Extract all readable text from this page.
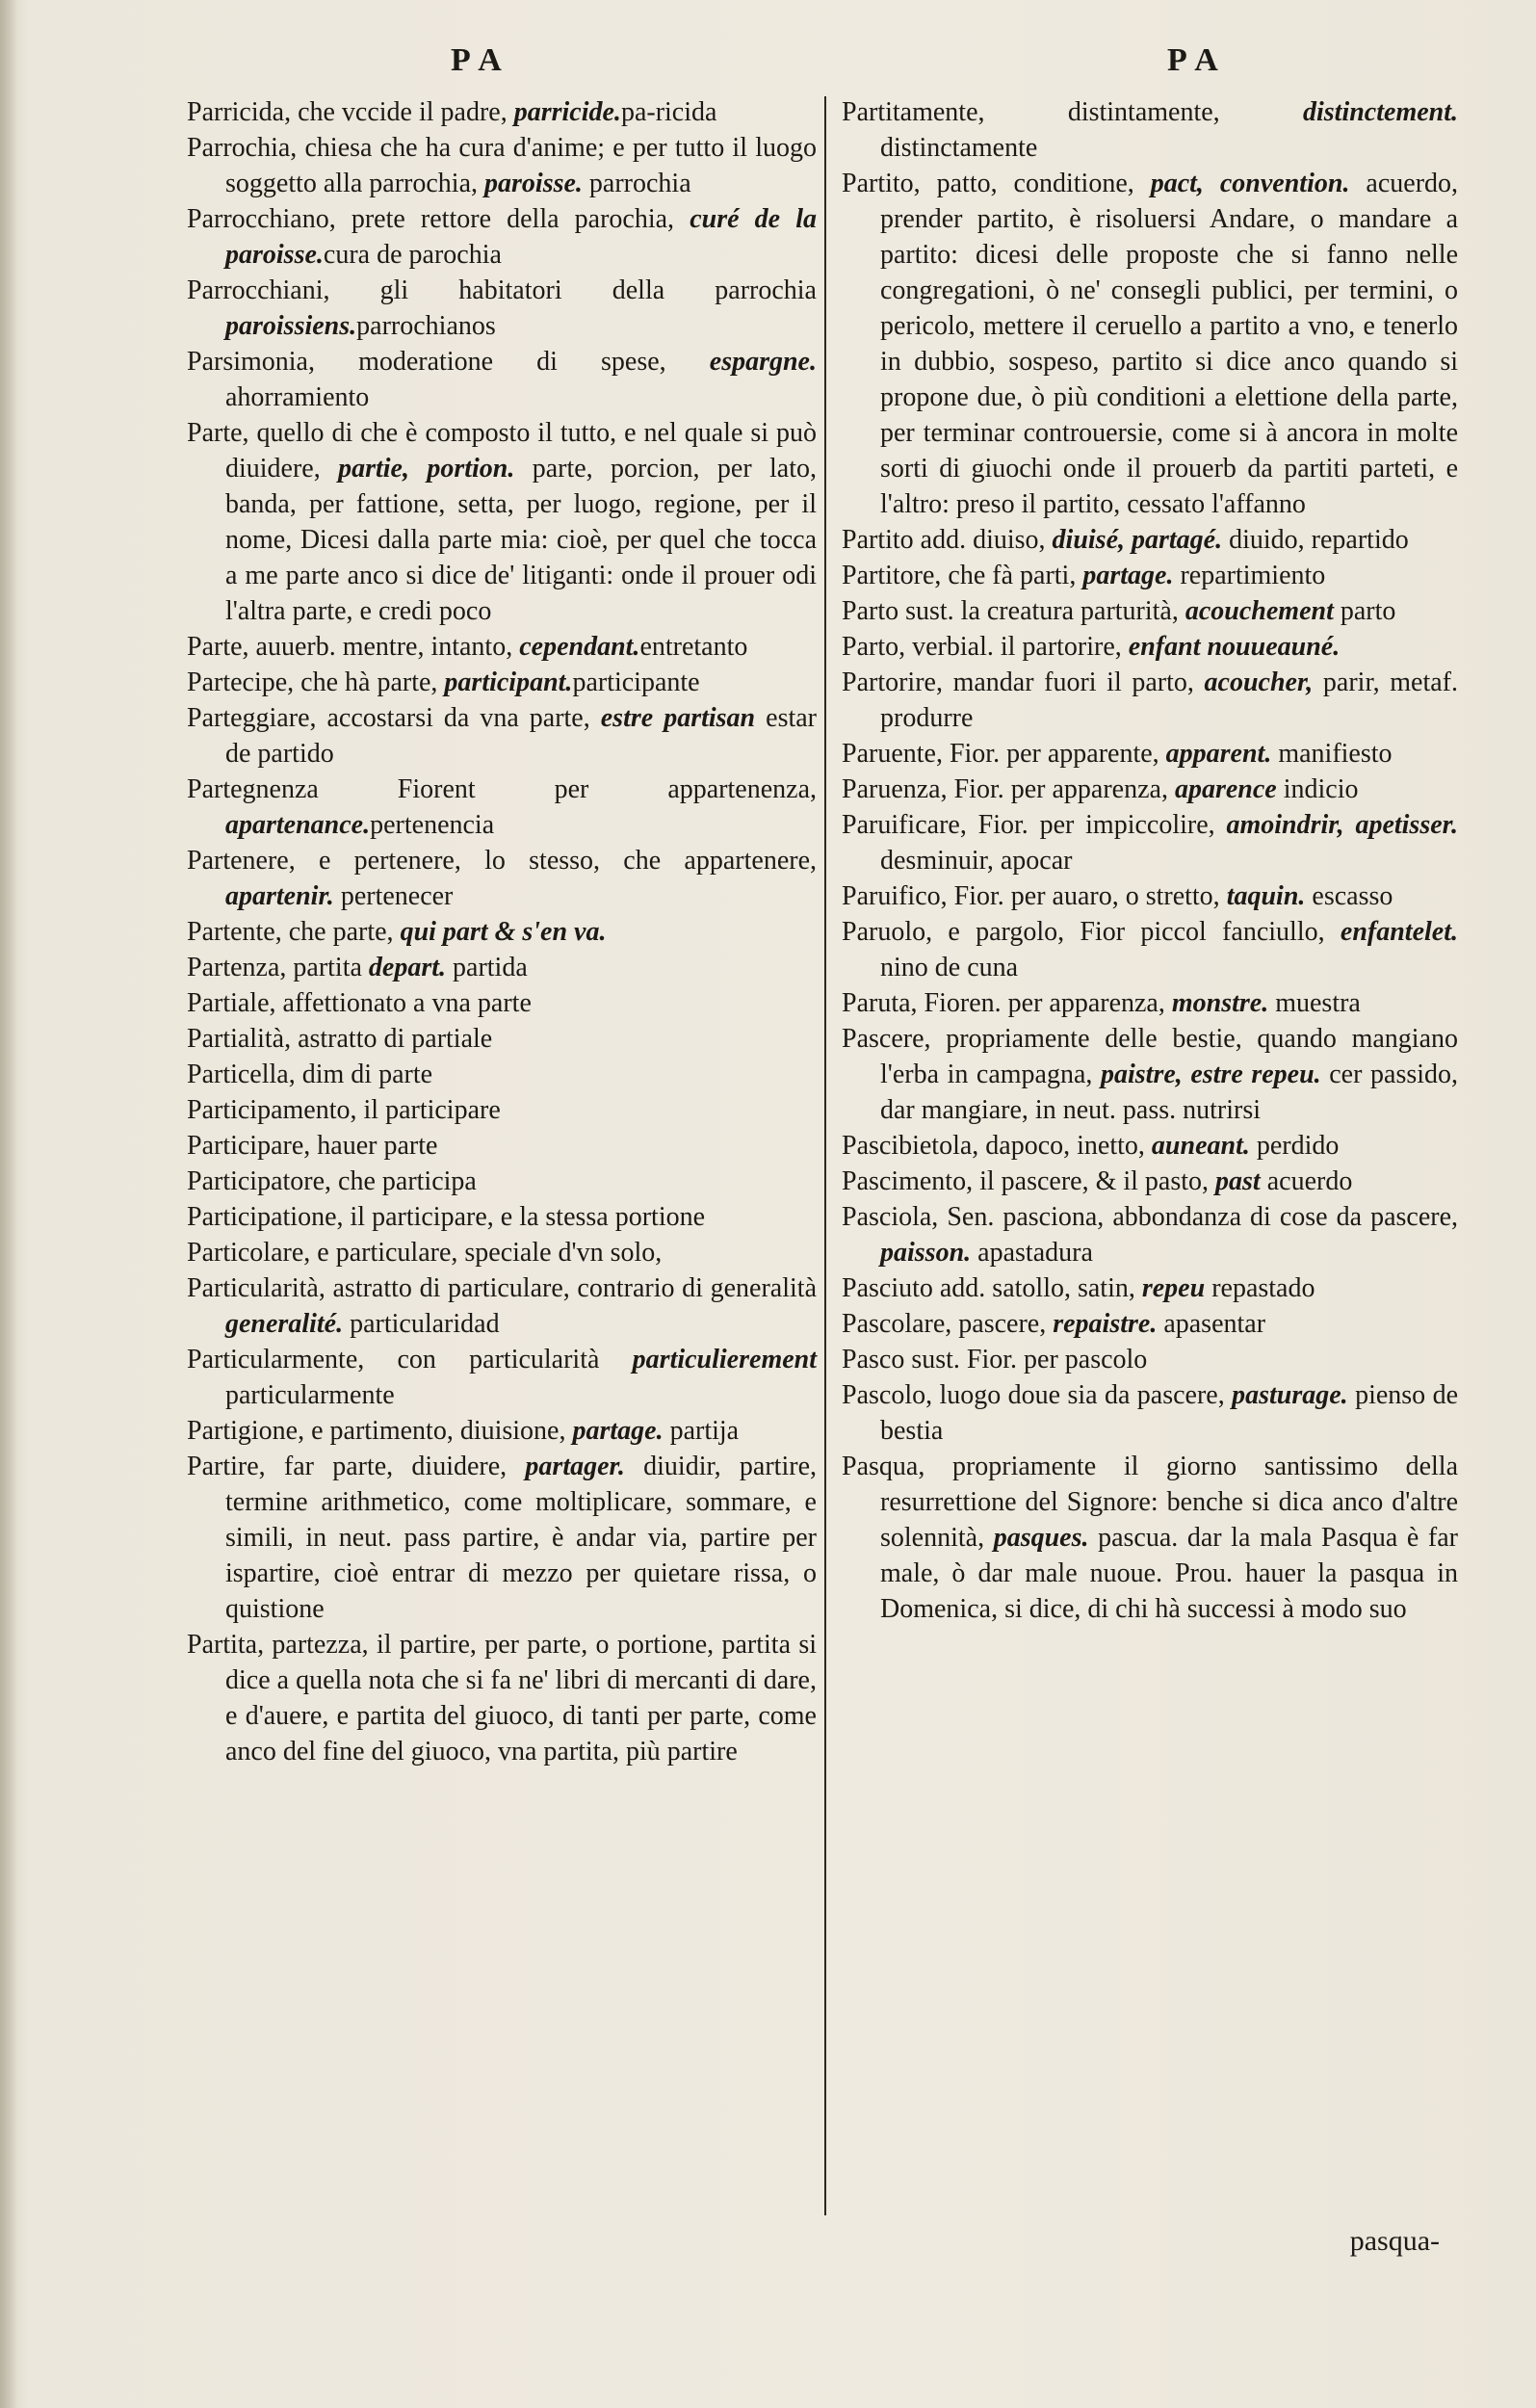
PA	PA

Parricida, che vccide il padre, parricide.pa-ricida

Parrochia, chiesa che ha cura d'anime; e per tutto il luogo soggetto alla parrochia, paroisse. parrochia

Parrocchiano, prete rettore della parochia, curé de la paroisse.cura de parochia

Parrocchiani, gli habitatori della parrochia paroissiens.parrochianos

Parsimonia, moderatione di spese, espargne. ahorramiento

Parte, quello di che è composto il tutto, e nel quale si può diuidere, partie, portion. parte, porcion, per lato, banda, per fattione, setta, per luogo, regione, per il nome, Dicesi dalla parte mia: cioè, per quel che tocca a me parte anco si dice de' litiganti: onde il prouer odi l'altra parte, e credi poco

Parte, auuerb. mentre, intanto, cependant.entretanto

Partecipe, che hà parte, participant.participante

Parteggiare, accostarsi da vna parte, estre partisan estar de partido

Partegnenza Fiorent per appartenenza, apartenance.pertenencia

Partenere, e pertenere, lo stesso, che appartenere, apartenir. pertenecer

Partente, che parte, qui part & s'en va.

Partenza, partita depart. partida

Partiale, affettionato a vna parte

Partialità, astratto di partiale

Particella, dim di parte

Participamento, il participare

Participare, hauer parte

Participatore, che participa

Participatione, il participare, e la stessa portione

Particolare, e particulare, speciale d'vn solo,

Particularità, astratto di particulare, contrario di generalità generalité. particularidad

Particularmente, con particularità particulierement particularmente

Partigione, e partimento, diuisione, partage. partija

Partire, far parte, diuidere, partager. diuidir, partire, termine arithmetico, come moltiplicare, sommare, e simili, in neut. pass partire, è andar via, partire per ispartire, cioè entrar di mezzo per quietare rissa, o quistione

Partita, partezza, il partire, per parte, o portione, partita si dice a quella nota che si fa ne' libri di mercanti di dare, e d'auere, e partita del giuoco, di tanti per parte, come anco del fine del giuoco, vna partita, più partire

Partitamente, distintamente, distinctement. distinctamente

Partito, patto, conditione, pact, convention. acuerdo, prender partito, è risoluersi Andare, o mandare a partito: dicesi delle proposte che si fanno nelle congregationi, ò ne' consegli publici, per termini, o pericolo, mettere il ceruello a partito a vno, e tenerlo in dubbio, sospeso, partito si dice anco quando si propone due, ò più conditioni a elettione della parte, per terminar controuersie, come si à ancora in molte sorti di giuochi onde il prouerb da partiti parteti, e l'altro: preso il partito, cessato l'affanno

Partito add. diuiso, diuisé, partagé. diuido, repartido

Partitore, che fà parti, partage. repartimiento

Parto sust. la creatura parturità, acouchement parto

Parto, verbial. il partorire, enfant nouueauné.

Partorire, mandar fuori il parto, acoucher, parir, metaf. produrre

Paruente, Fior. per apparente, apparent. manifiesto

Paruenza, Fior. per apparenza, aparence indicio

Paruificare, Fior. per impiccolire, amoindrir, apetisser. desminuir, apocar

Paruifico, Fior. per auaro, o stretto, taquin. escasso

Paruolo, e pargolo, Fior piccol fanciullo, enfantelet. nino de cuna

Paruta, Fioren. per apparenza, monstre. muestra

Pascere, propriamente delle bestie, quando mangiano l'erba in campagna, paistre, estre repeu. cer passido, dar mangiare, in neut. pass. nutrirsi

Pascibietola, dapoco, inetto, auneant. perdido

Pascimento, il pascere, & il pasto, past acuerdo

Pasciola, Sen. pasciona, abbondanza di cose da pascere, paisson. apastadura

Pasciuto add. satollo, satin, repeu repastado

Pascolare, pascere, repaistre. apasentar

Pasco sust. Fior. per pascolo

Pascolo, luogo doue sia da pascere, pasturage. pienso de bestia

Pasqua, propriamente il giorno santissimo della resurrettione del Signore: benche si dica anco d'altre solennità, pasques. pascua. dar la mala Pasqua è far male, ò dar male nuoue. Prou. hauer la pasqua in Domenica, si dice, di chi hà successi à modo suo

pasqua-
